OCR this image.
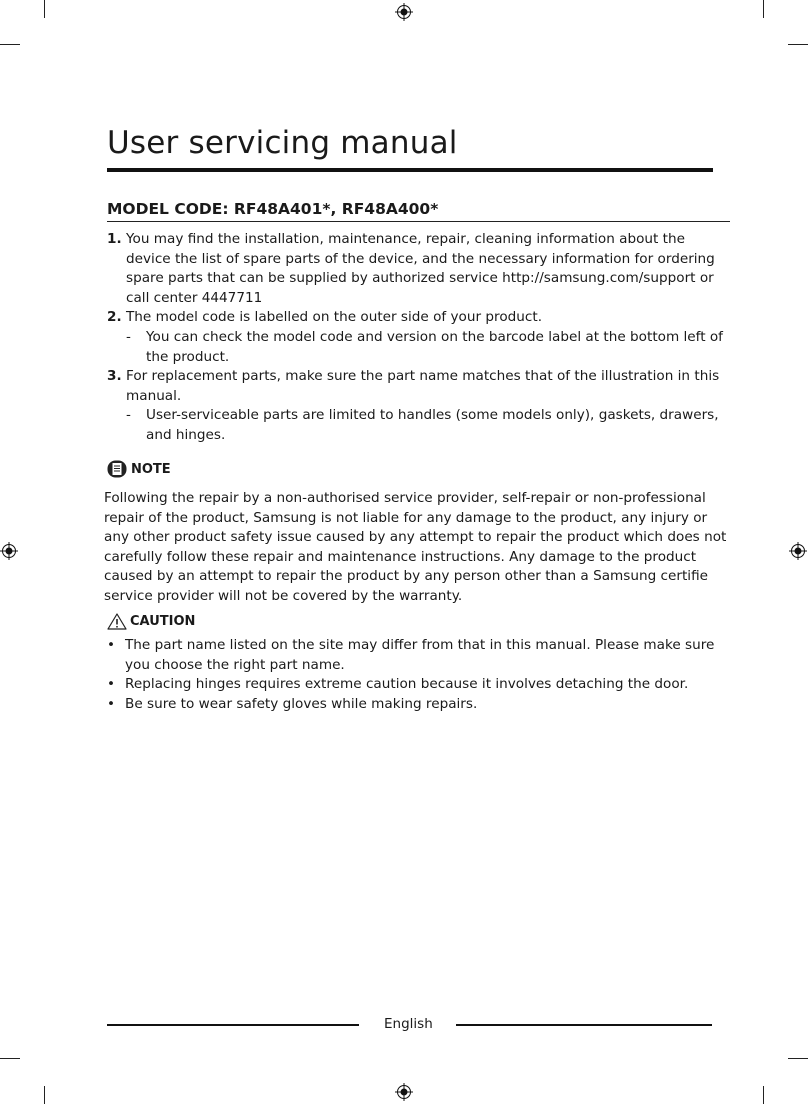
User servicing manual
MODEL CODE: RF48A401*, RF48A400*
1. You may find the installation, maintenance, repair, cleaning information about the device the list of spare parts of the device, and the necessary information for ordering spare parts that can be supplied by authorized service http://samsung.com/support or call center 4447711
2. The model code is labelled on the outer side of your product.
- You can check the model code and version on the barcode label at the bottom left of the product.
3. For replacement parts, make sure the part name matches that of the illustration in this manual.
- User-serviceable parts are limited to handles (some models only), gaskets, drawers, and hinges.
NOTE
Following the repair by a non-authorised service provider, self-repair or non-professional repair of the product, Samsung is not liable for any damage to the product, any injury or any other product safety issue caused by any attempt to repair the product which does not carefully follow these repair and maintenance instructions. Any damage to the product caused by an attempt to repair the product by any person other than a Samsung certifie service provider will not be covered by the warranty.
CAUTION
• The part name listed on the site may differ from that in this manual. Please make sure you choose the right part name.
• Replacing hinges requires extreme caution because it involves detaching the door.
• Be sure to wear safety gloves while making repairs.
English
